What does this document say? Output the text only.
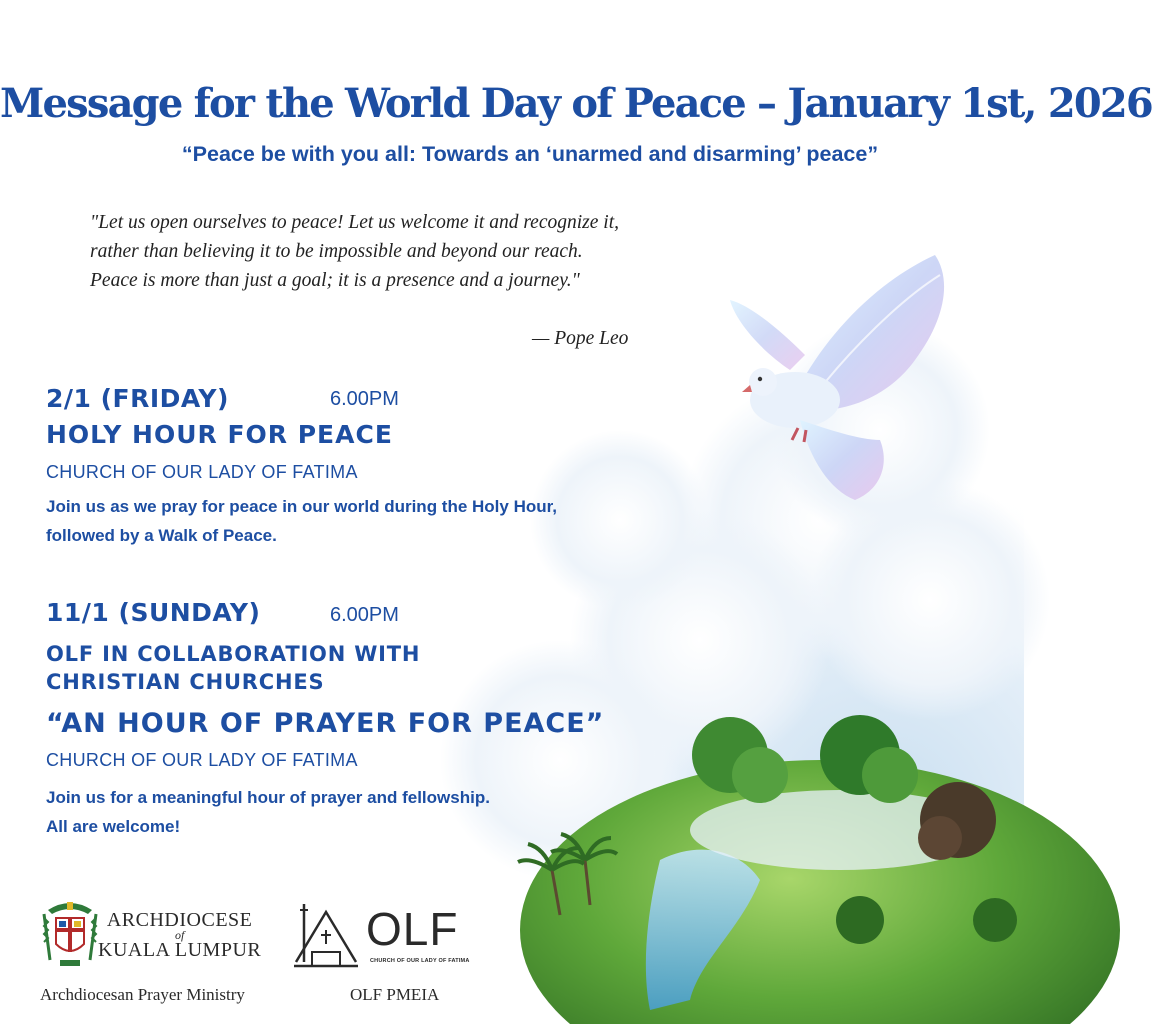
Message for the World Day of Peace – January 1st, 2026
“Peace be with you all: Towards an ‘unarmed and disarming’ peace”
"Let us open ourselves to peace! Let us welcome it and recognize it,
rather than believing it to be impossible and beyond our reach.
Peace is more than just a goal; it is a presence and a journey."
— Pope Leo
2/1 (FRIDAY)	6.00PM
HOLY HOUR FOR PEACE
CHURCH OF OUR LADY OF FATIMA
Join us as we pray for peace in our world during the Holy Hour,
followed by a Walk of Peace.
11/1 (SUNDAY)	6.00PM
OLF IN COLLABORATION WITH
CHRISTIAN CHURCHES
“AN HOUR OF PRAYER FOR PEACE”
CHURCH OF OUR LADY OF FATIMA
Join us for a meaningful hour of prayer and fellowship.
All are welcome!
ARCHDIOCESE
of
KUALA LUMPUR
Archdiocesan Prayer Ministry
OLF
CHURCH OF OUR LADY OF FATIMA
OLF PMEIA
